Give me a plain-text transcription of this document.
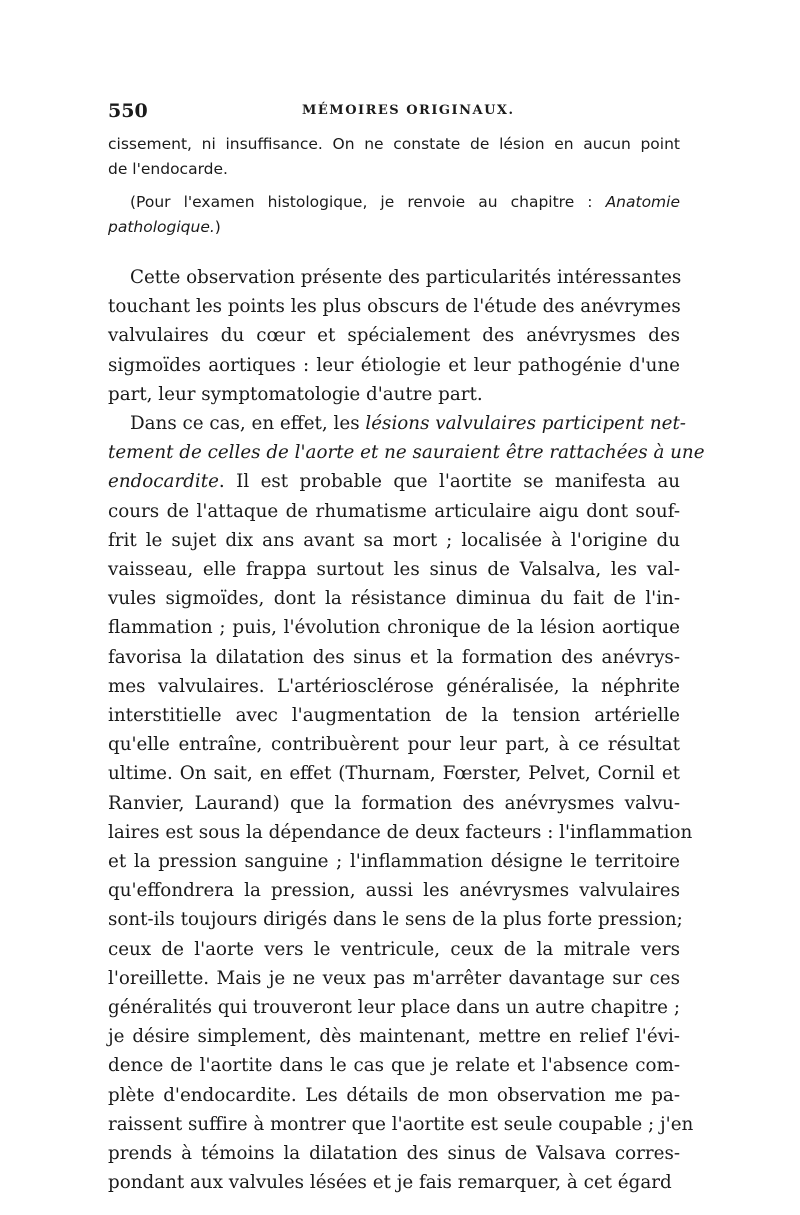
550	MÉMOIRES ORIGINAUX.
cissement, ni insuffisance. On ne constate de lésion en aucun point
de l'endocarde.
(Pour l'examen histologique, je renvoie au chapitre : Anatomie
pathologique.)
Cette observation présente des particularités intéressantes
touchant les points les plus obscurs de l'étude des anévrymes
valvulaires du cœur et spécialement des anévrysmes des
sigmoïdes aortiques : leur étiologie et leur pathogénie d'une
part, leur symptomatologie d'autre part.
Dans ce cas, en effet, les lésions valvulaires participent net-
tement de celles de l'aorte et ne sauraient être rattachées à une
endocardite. Il est probable que l'aortite se manifesta au
cours de l'attaque de rhumatisme articulaire aigu dont souf-
frit le sujet dix ans avant sa mort ; localisée à l'origine du
vaisseau, elle frappa surtout les sinus de Valsalva, les val-
vules sigmoïdes, dont la résistance diminua du fait de l'in-
flammation ; puis, l'évolution chronique de la lésion aortique
favorisa la dilatation des sinus et la formation des anévrys-
mes valvulaires. L'artériosclérose généralisée, la néphrite
interstitielle avec l'augmentation de la tension artérielle
qu'elle entraîne, contribuèrent pour leur part, à ce résultat
ultime. On sait, en effet (Thurnam, Fœrster, Pelvet, Cornil et
Ranvier, Laurand) que la formation des anévrysmes valvu-
laires est sous la dépendance de deux facteurs : l'inflammation
et la pression sanguine ; l'inflammation désigne le territoire
qu'effondrera la pression, aussi les anévrysmes valvulaires
sont-ils toujours dirigés dans le sens de la plus forte pression;
ceux de l'aorte vers le ventricule, ceux de la mitrale vers
l'oreillette. Mais je ne veux pas m'arrêter davantage sur ces
généralités qui trouveront leur place dans un autre chapitre ;
je désire simplement, dès maintenant, mettre en relief l'évi-
dence de l'aortite dans le cas que je relate et l'absence com-
plète d'endocardite. Les détails de mon observation me pa-
raissent suffire à montrer que l'aortite est seule coupable ; j'en
prends à témoins la dilatation des sinus de Valsava corres-
pondant aux valvules lésées et je fais remarquer, à cet égard
